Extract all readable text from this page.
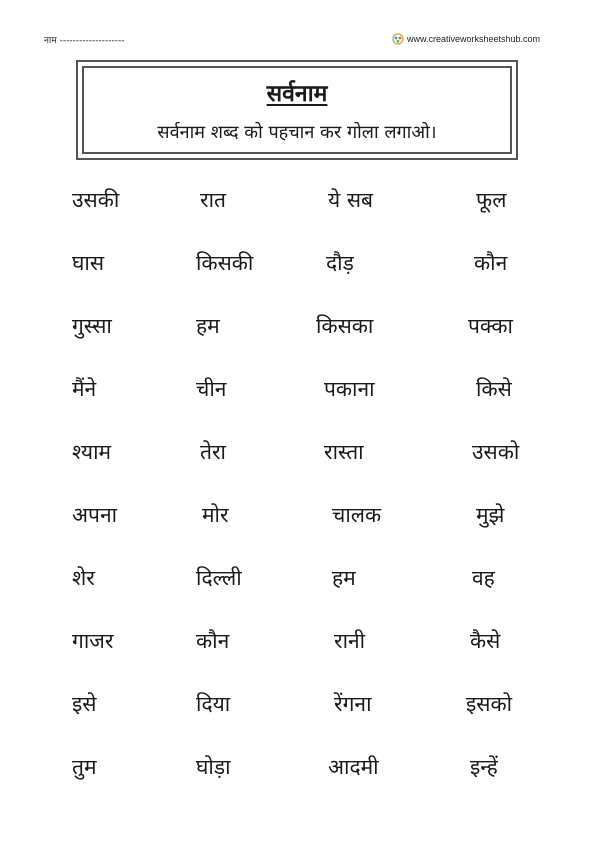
नाम --------------------	www.creativeworksheetshub.com
सर्वनाम
सर्वनाम शब्द को पहचान कर गोला लगाओ।
उसकी	रात	ये सब	फूल
घास	किसकी	दौड़	कौन
गुस्सा	हम	किसका	पक्का
मैंने	चीन	पकाना	किसे
श्याम	तेरा	रास्ता	उसको
अपना	मोर	चालक	मुझे
शेर	दिल्ली	हम	वह
गाजर	कौन	रानी	कैसे
इसे	दिया	रेंगना	इसको
तुम	घोड़ा	आदमी	इन्हें
